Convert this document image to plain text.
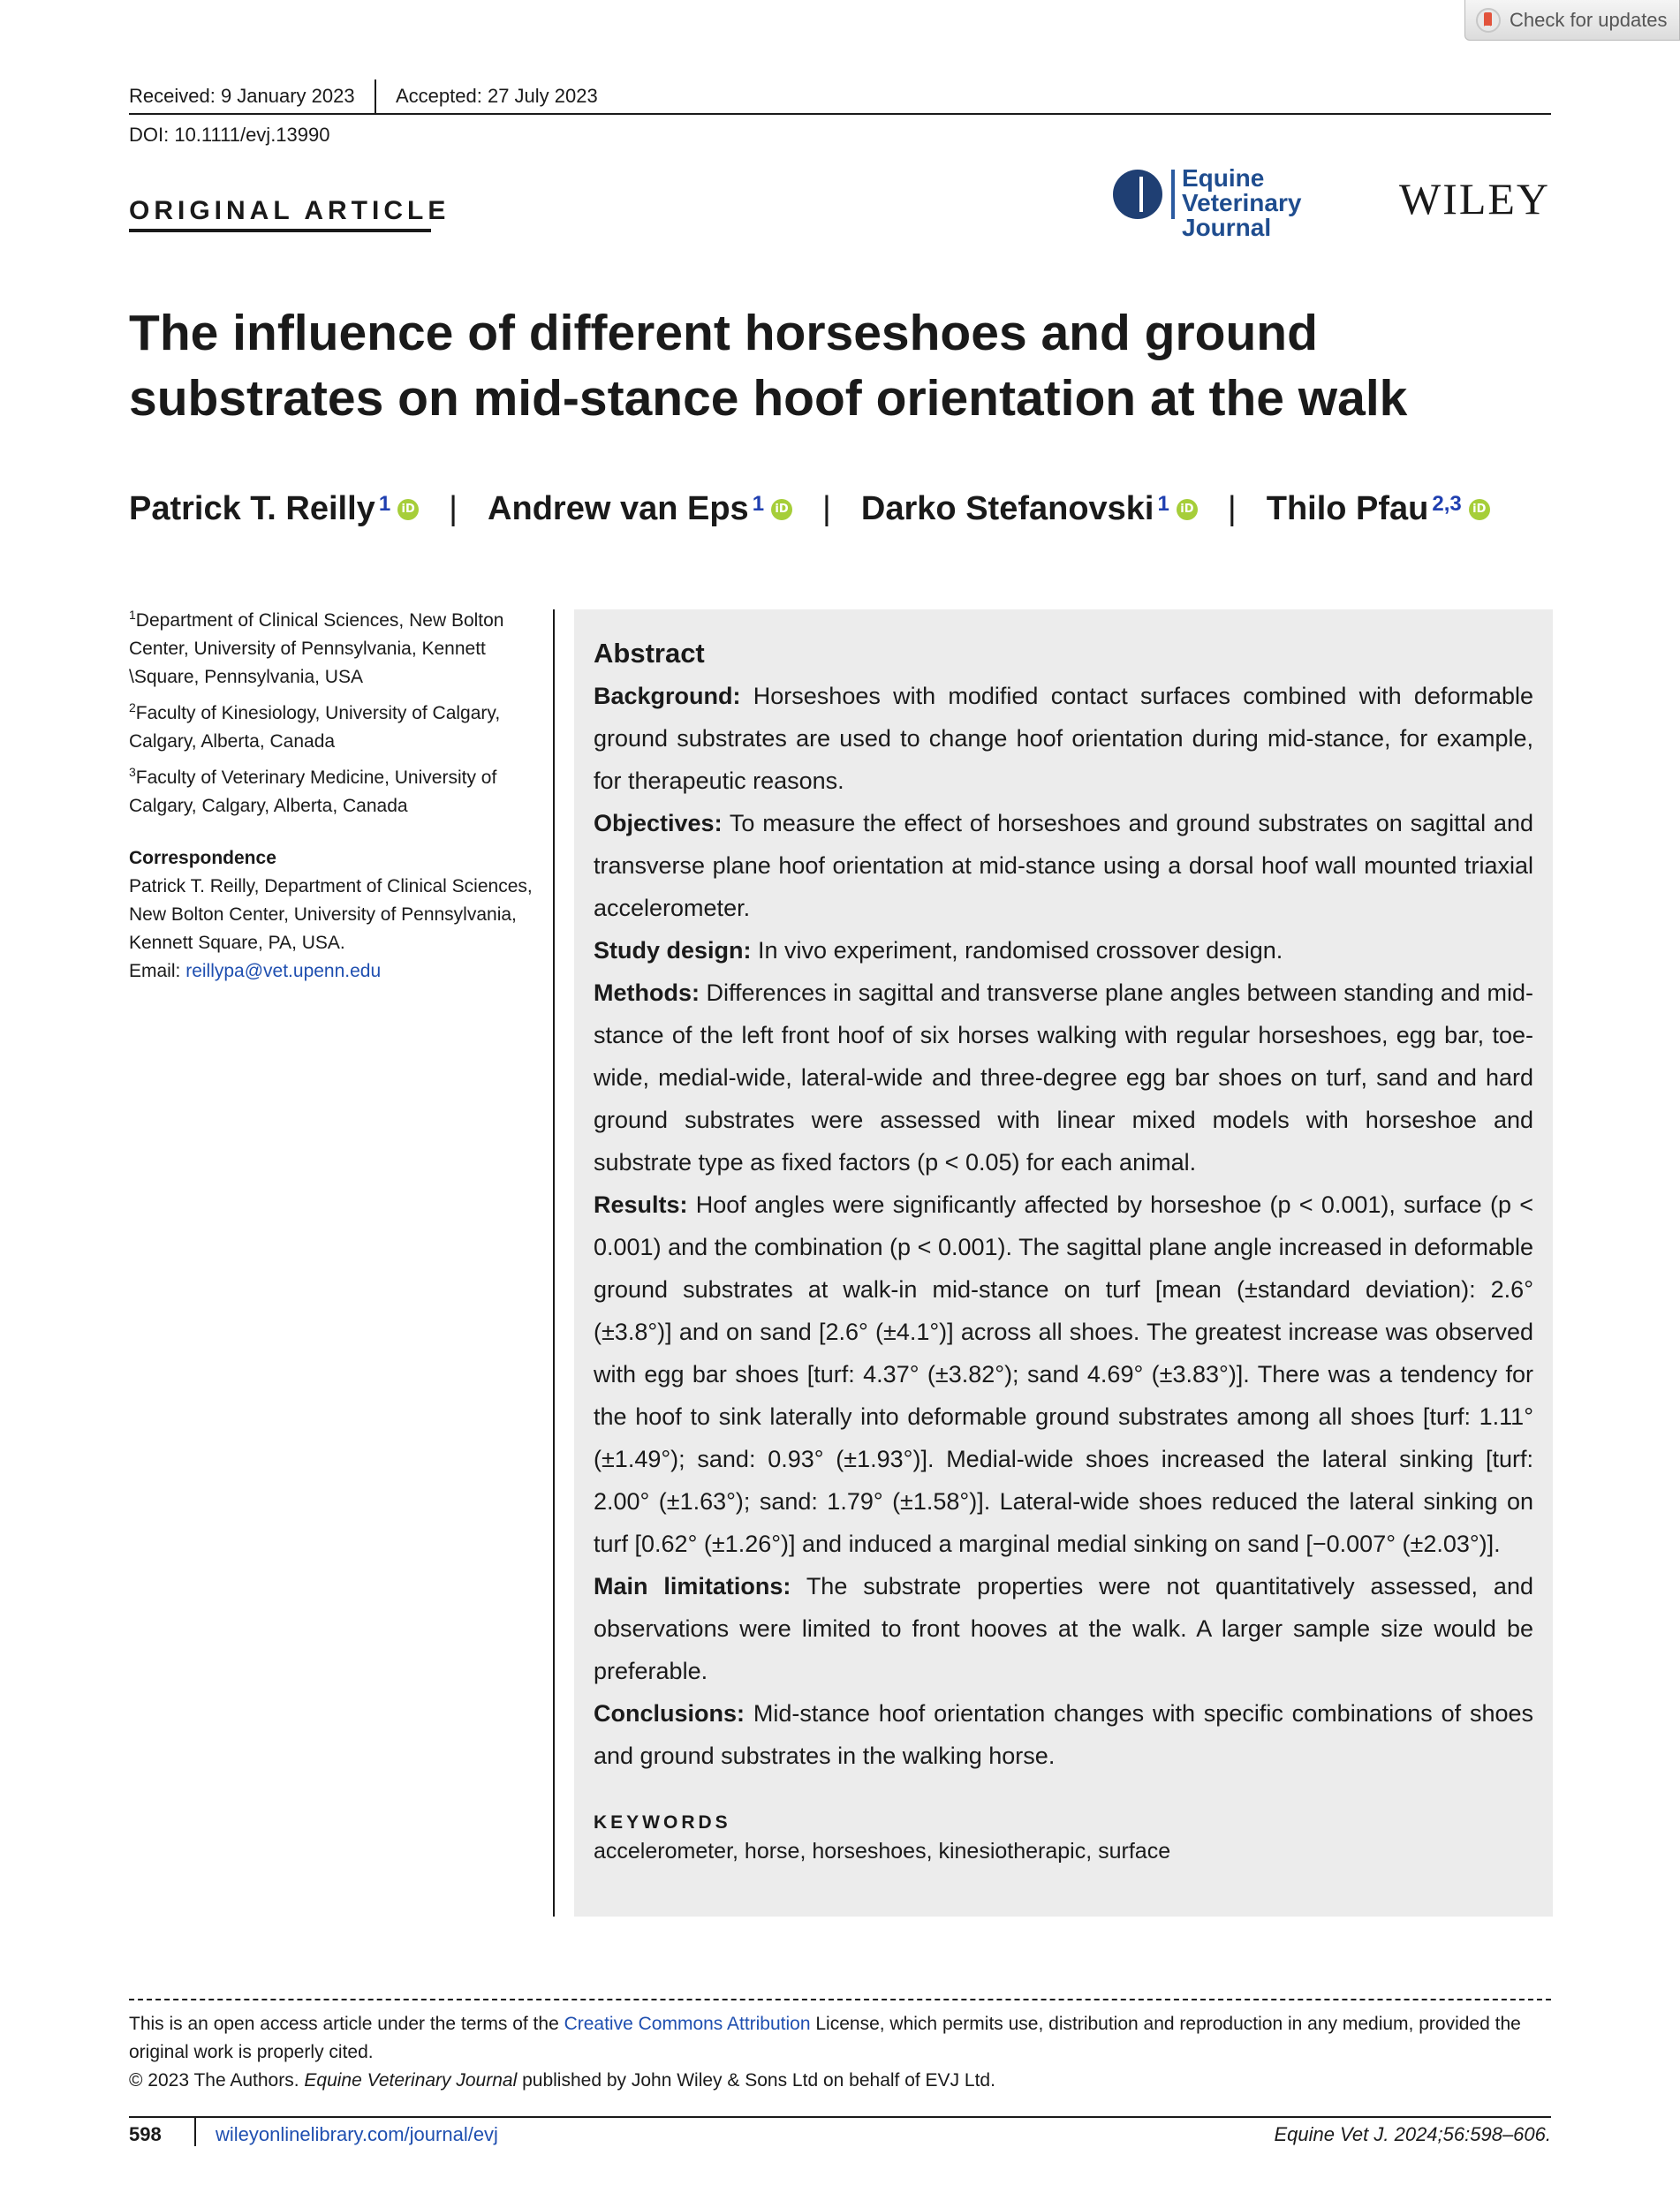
Check for updates
Received: 9 January 2023 Accepted: 27 July 2023
DOI: 10.1111/evj.13990
ORIGINAL ARTICLE
Equine Veterinary
Journal
WILEY
The influence of different horseshoes and ground
substrates on mid-stance hoof orientation at the walk
Patrick T. Reilly$^1$ iD | Andrew van Eps$^1$ iD | Darko Stefanovski$^1$ iD | Thilo Pfau$^{2,3}$ iD
$^1$Department of Clinical Sciences, New Bolton Center, University of Pennsylvania, Kennett \Square, Pennsylvania, USA
$^2$Faculty of Kinesiology, University of Calgary, Calgary, Alberta, Canada
$^3$Faculty of Veterinary Medicine, University of Calgary, Calgary, Alberta, Canada
Correspondence
Patrick T. Reilly, Department of Clinical Sciences, New Bolton Center, University of Pennsylvania, Kennett Square, PA, USA.
Email: reillypa@vet.upenn.edu
Abstract

Background: Horseshoes with modified contact surfaces combined with deformable ground substrates are used to change hoof orientation during mid-stance, for example, for therapeutic reasons.

Objectives: To measure the effect of horseshoes and ground substrates on sagittal and transverse plane hoof orientation at mid-stance using a dorsal hoof wall mounted triaxial accelerometer.

Study design: In vivo experiment, randomised crossover design.

Methods: Differences in sagittal and transverse plane angles between standing and mid-stance of the left front hoof of six horses walking with regular horseshoes, egg bar, toe-wide, medial-wide, lateral-wide and three-degree egg bar shoes on turf, sand and hard ground substrates were assessed with linear mixed models with horseshoe and substrate type as fixed factors (p < 0.05) for each animal.

Results: Hoof angles were significantly affected by horseshoe (p < 0.001), surface (p < 0.001) and the combination (p < 0.001). The sagittal plane angle increased in deformable ground substrates at walk-in mid-stance on turf [mean (±standard deviation): 2.6° (±3.8°)] and on sand [2.6° (±4.1°)] across all shoes. The greatest increase was observed with egg bar shoes [turf: 4.37° (±3.82°); sand 4.69° (±3.83°)]. There was a tendency for the hoof to sink laterally into deformable ground substrates among all shoes [turf: 1.11° (±1.49°); sand: 0.93° (±1.93°)]. Medial-wide shoes increased the lateral sinking [turf: 2.00° (±1.63°); sand: 1.79° (±1.58°)]. Lateral-wide shoes reduced the lateral sinking on turf [0.62° (±1.26°)] and induced a marginal medial sinking on sand [−0.007° (±2.03°)].

Main limitations: The substrate properties were not quantitatively assessed, and observations were limited to front hooves at the walk. A larger sample size would be preferable.

Conclusions: Mid-stance hoof orientation changes with specific combinations of shoes and ground substrates in the walking horse.

KEYWORDS
accelerometer, horse, horseshoes, kinesiotherapic, surface
This is an open access article under the terms of the Creative Commons Attribution License, which permits use, distribution and reproduction in any medium, provided the original work is properly cited.
© 2023 The Authors. Equine Veterinary Journal published by John Wiley & Sons Ltd on behalf of EVJ Ltd.
598	wileyonlinelibrary.com/journal/evj	Equine Vet J. 2024;56:598–606.
